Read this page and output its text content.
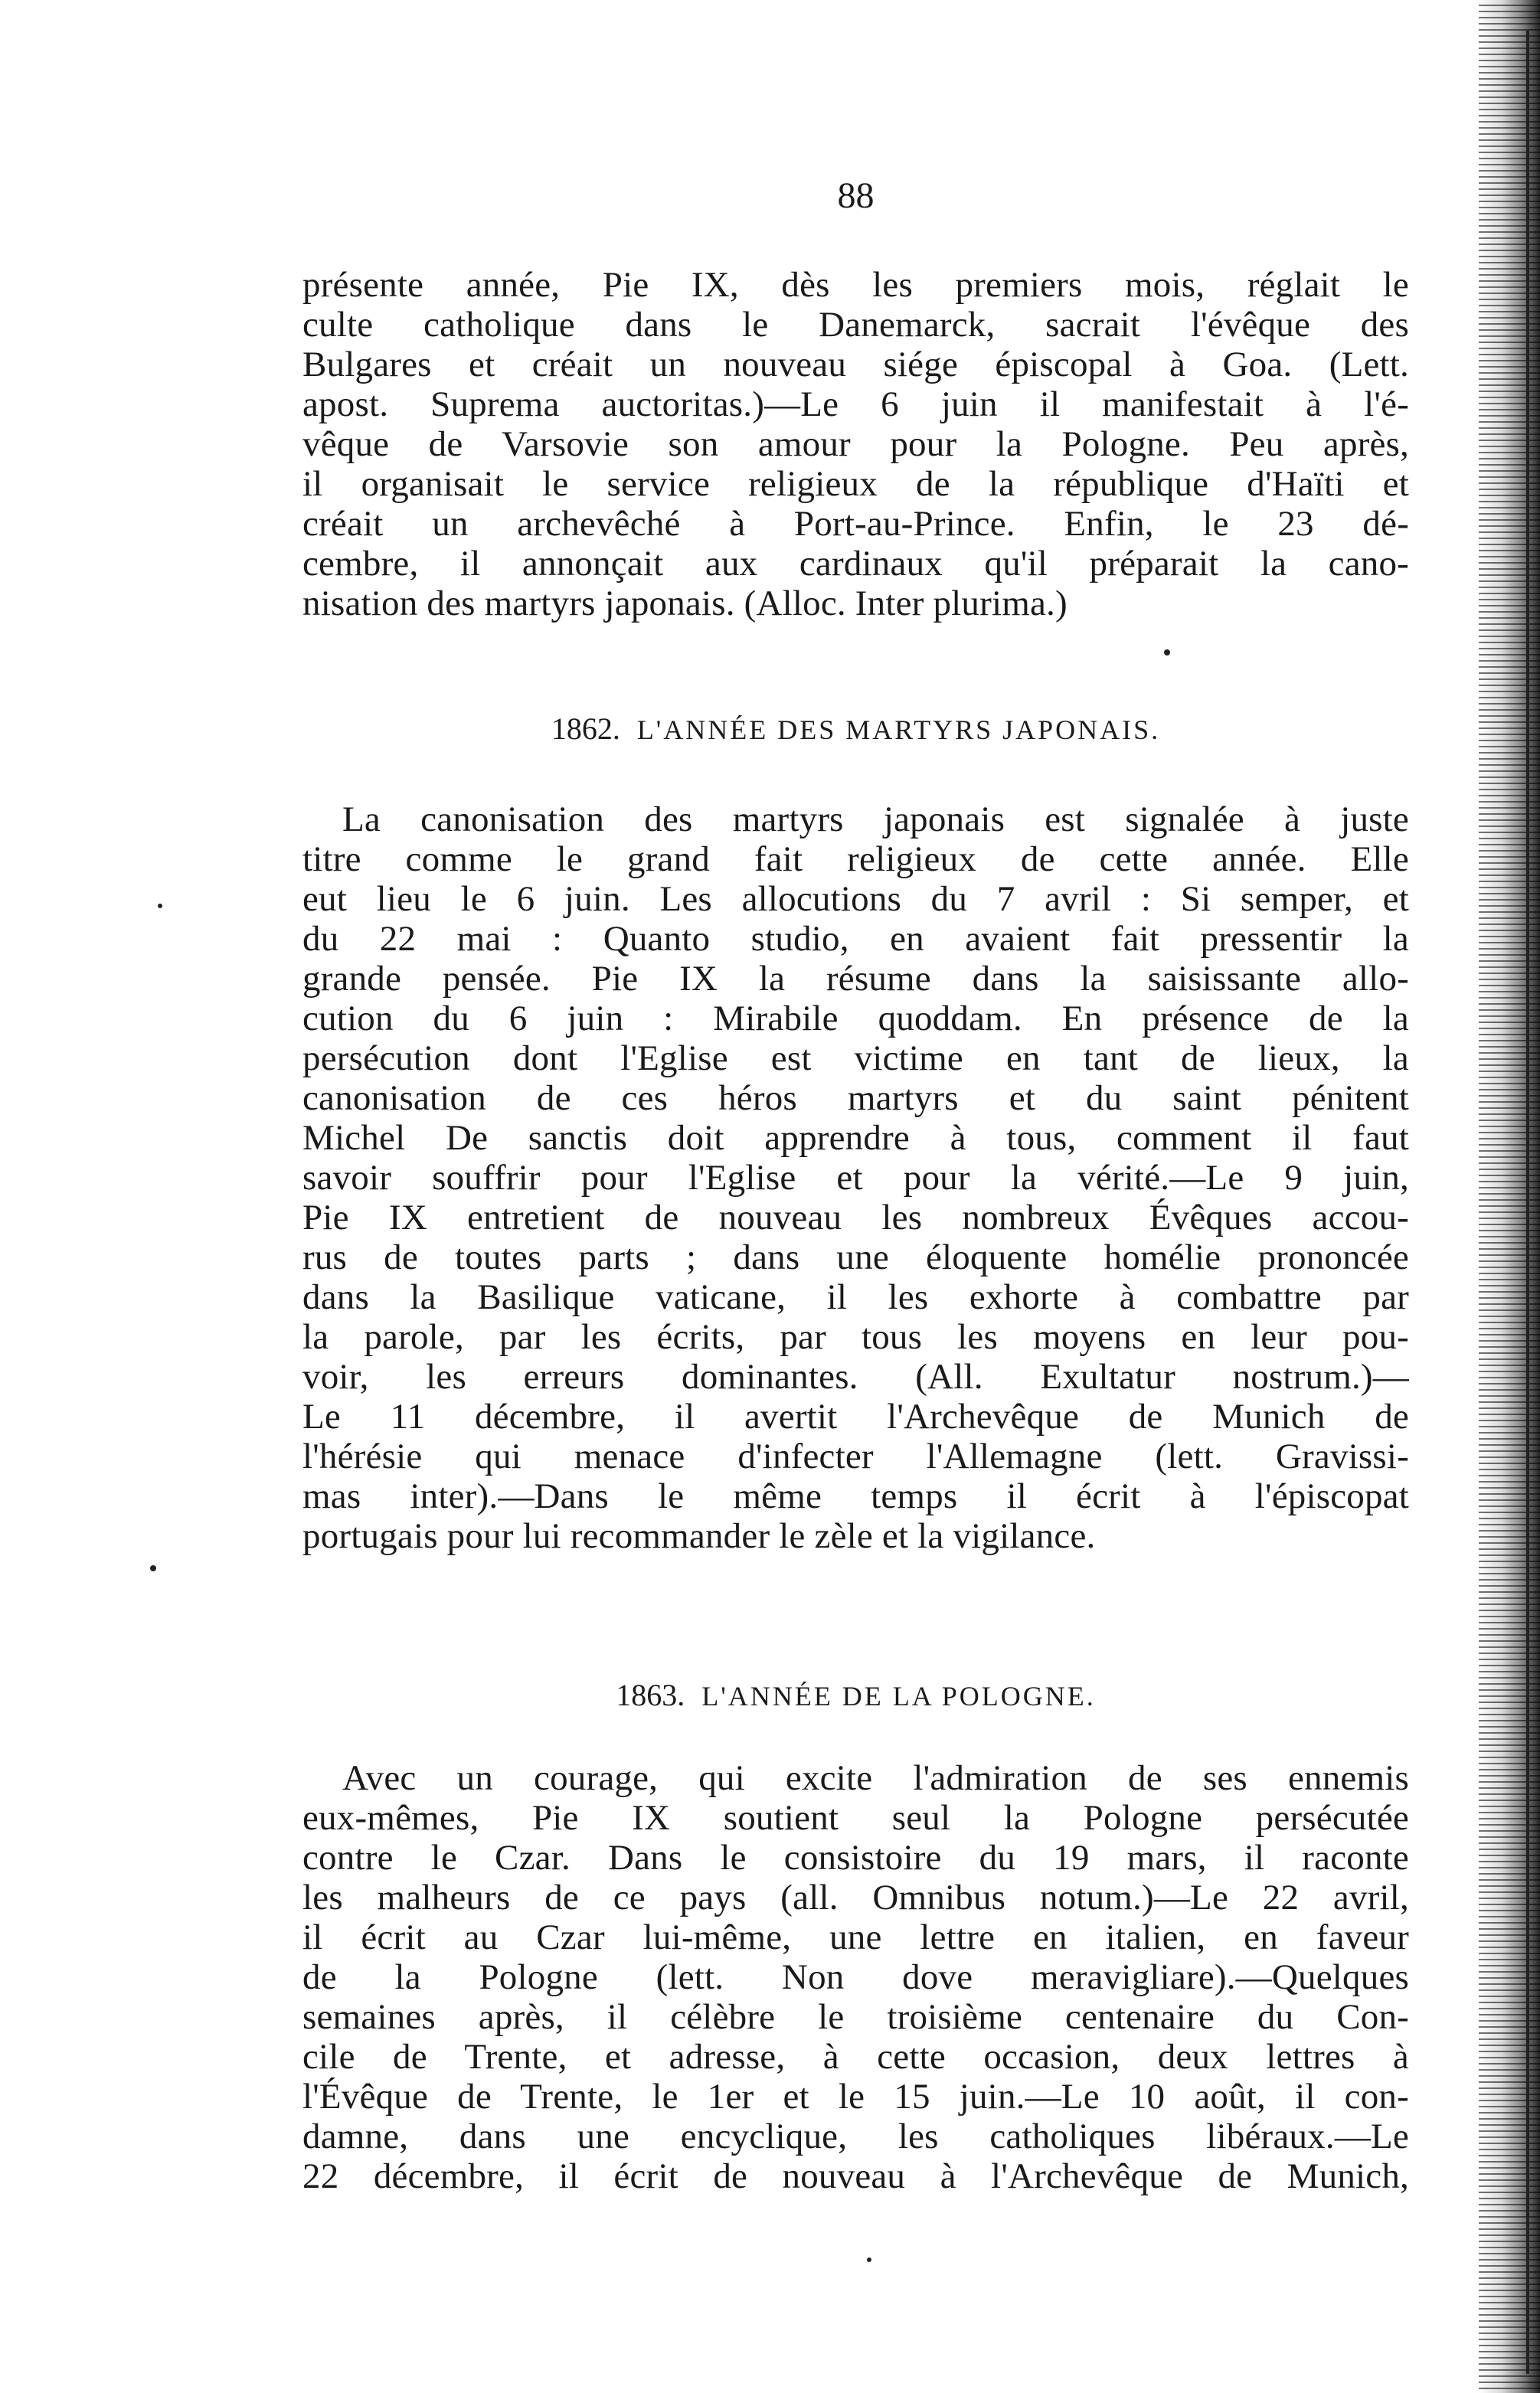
88
présente année, Pie IX, dès les premiers mois, réglait le
culte catholique dans le Danemarck, sacrait l'évêque des
Bulgares et créait un nouveau siége épiscopal à Goa. (Lett.
apost. Suprema auctoritas.)—Le 6 juin il manifestait à l'é-
vêque de Varsovie son amour pour la Pologne. Peu après,
il organisait le service religieux de la république d'Haïti et
créait un archevêché à Port-au-Prince. Enfin, le 23 dé-
cembre, il annonçait aux cardinaux qu'il préparait la cano-
nisation des martyrs japonais. (Alloc. Inter plurima.)
1862. L'ANNÉE DES MARTYRS JAPONAIS.
La canonisation des martyrs japonais est signalée à juste
titre comme le grand fait religieux de cette année. Elle
eut lieu le 6 juin. Les allocutions du 7 avril : Si semper, et
du 22 mai : Quanto studio, en avaient fait pressentir la
grande pensée. Pie IX la résume dans la saisissante allo-
cution du 6 juin : Mirabile quoddam. En présence de la
persécution dont l'Eglise est victime en tant de lieux, la
canonisation de ces héros martyrs et du saint pénitent
Michel De sanctis doit apprendre à tous, comment il faut
savoir souffrir pour l'Eglise et pour la vérité.—Le 9 juin,
Pie IX entretient de nouveau les nombreux Évêques accou-
rus de toutes parts ; dans une éloquente homélie prononcée
dans la Basilique vaticane, il les exhorte à combattre par
la parole, par les écrits, par tous les moyens en leur pou-
voir, les erreurs dominantes. (All. Exultatur nostrum.)—
Le 11 décembre, il avertit l'Archevêque de Munich de
l'hérésie qui menace d'infecter l'Allemagne (lett. Gravissi-
mas inter).—Dans le même temps il écrit à l'épiscopat
portugais pour lui recommander le zèle et la vigilance.
1863. L'ANNÉE DE LA POLOGNE.
Avec un courage, qui excite l'admiration de ses ennemis
eux-mêmes, Pie IX soutient seul la Pologne persécutée
contre le Czar. Dans le consistoire du 19 mars, il raconte
les malheurs de ce pays (all. Omnibus notum.)—Le 22 avril,
il écrit au Czar lui-même, une lettre en italien, en faveur
de la Pologne (lett. Non dove meravigliare).—Quelques
semaines après, il célèbre le troisième centenaire du Con-
cile de Trente, et adresse, à cette occasion, deux lettres à
l'Évêque de Trente, le 1er et le 15 juin.—Le 10 août, il con-
damne, dans une encyclique, les catholiques libéraux.—Le
22 décembre, il écrit de nouveau à l'Archevêque de Munich,
